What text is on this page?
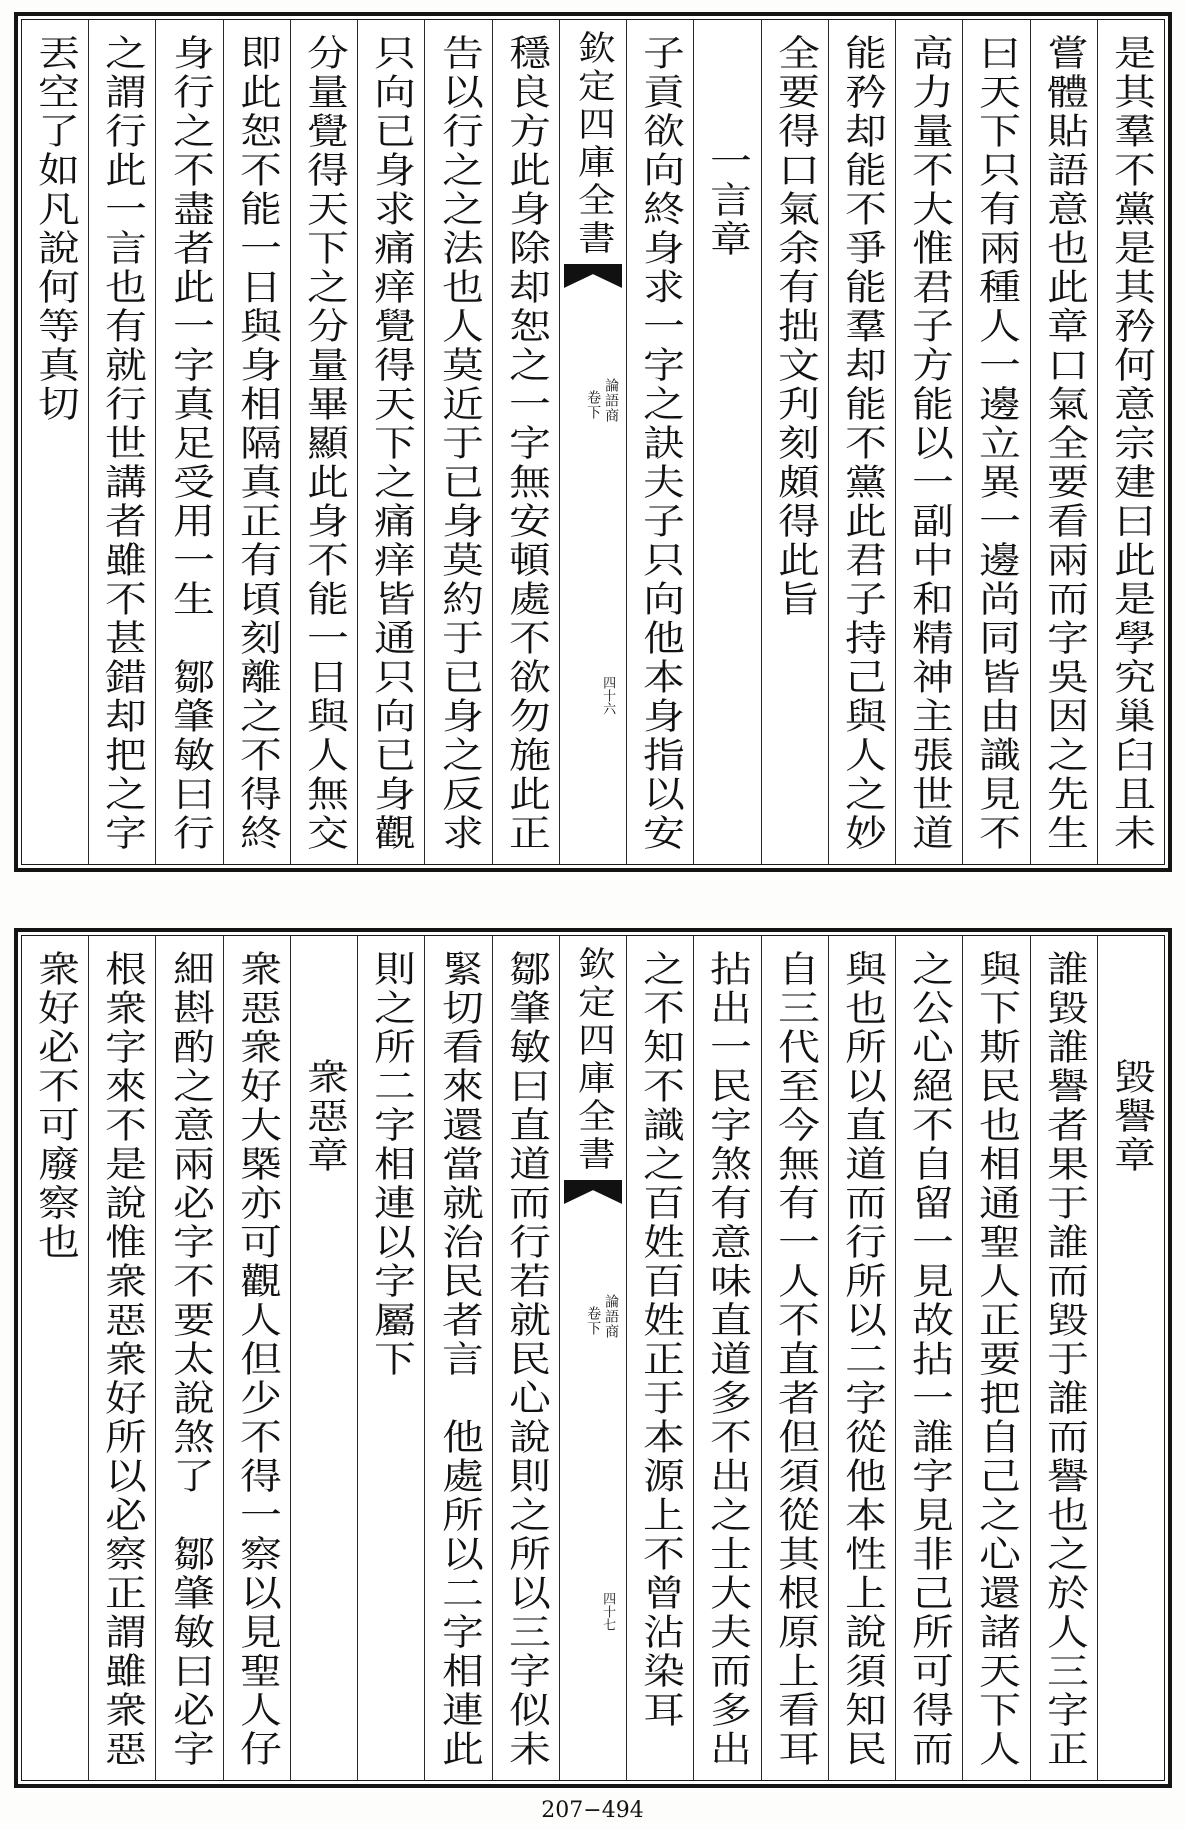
是其羣不黨是其矜何意宗建曰此是學究巢臼且未
嘗體貼語意也此章口氣全要看兩而字吳因之先生
曰天下只有兩種人一邊立異一邊尚同皆由識見不
高力量不大惟君子方能以一副中和精神主張世道
能矜却能不爭能羣却能不黨此君子持己與人之妙
全要得口氣余有拙文刋刻頗得此旨
一言章
子貢欲向終身求一字之訣夫子只向他本身指以安
欽定四庫全書
論語商
卷下
四十六
穩良方此身除却恕之一字無安頓處不欲勿施此正
告以行之之法也人莫近于已身莫約于已身之反求
只向已身求痛痒覺得天下之痛痒皆通只向已身觀
分量覺得天下之分量畢顯此身不能一日與人無交
即此恕不能一日與身相隔真正有頃刻離之不得終
身行之不盡者此一字真足受用一生　鄒肇敏曰行
之謂行此一言也有就行世講者雖不甚錯却把之字
丟空了如凡說何等真切
毀譽章
誰毀誰譽者果于誰而毀于誰而譽也之於人三字正
與下斯民也相通聖人正要把自己之心還諸天下人
之公心絕不自留一見故拈一誰字見非己所可得而
與也所以直道而行所以二字從他本性上說須知民
自三代至今無有一人不直者但須從其根原上看耳
拈出一民字煞有意味直道多不出之士大夫而多出
之不知不識之百姓百姓正于本源上不曾沾染耳
欽定四庫全書
論語商
卷下
四十七
鄒肇敏曰直道而行若就民心說則之所以三字似未
緊切看來還當就治民者言　他處所以二字相連此
則之所二字相連以字屬下
衆惡章
衆惡衆好大槩亦可觀人但少不得一察以見聖人仔
細斟酌之意兩必字不要太說煞了　鄒肇敏曰必字
根衆字來不是說惟衆惡衆好所以必察正謂雖衆惡
衆好必不可廢察也
207−494
